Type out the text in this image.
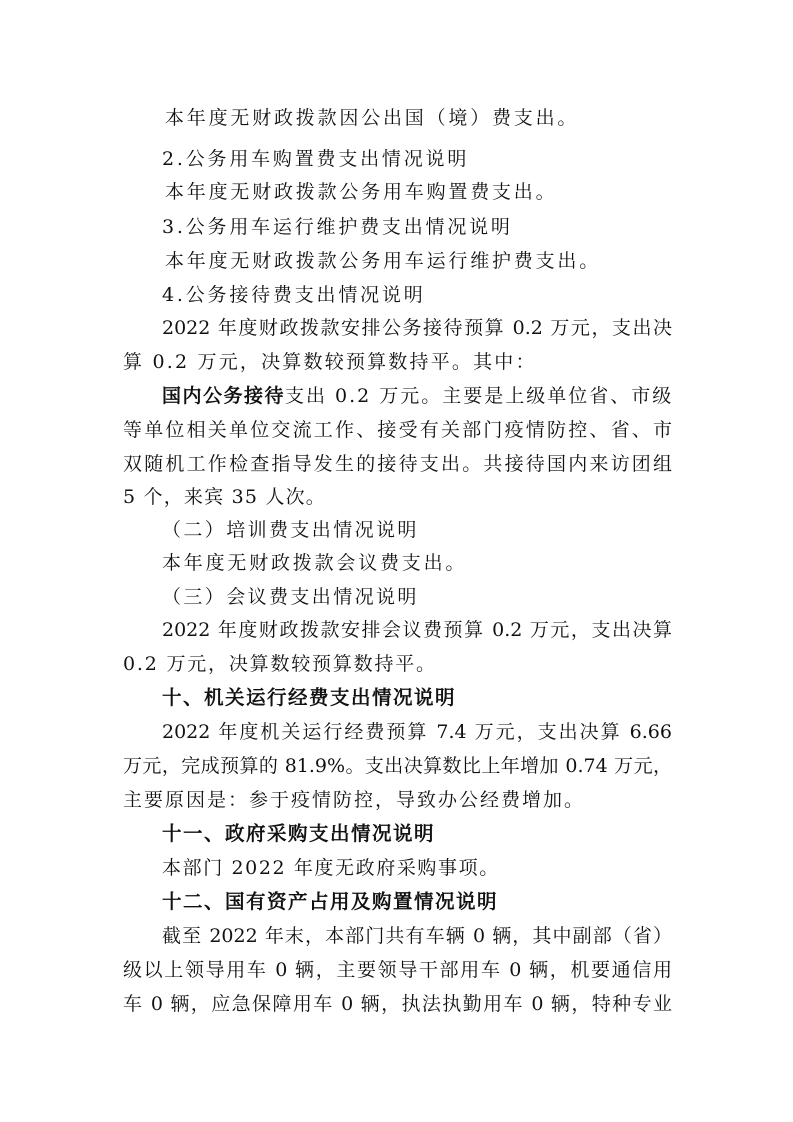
本年度无财政拨款因公出国（境）费支出。

2.公务用车购置费支出情况说明

本年度无财政拨款公务用车购置费支出。

3.公务用车运行维护费支出情况说明

本年度无财政拨款公务用车运行维护费支出。

4.公务接待费支出情况说明

2022 年度财政拨款安排公务接待预算 0.2 万元，支出决

算 0.2 万元，决算数较预算数持平。其中：

国内公务接待支出 0.2 万元。主要是上级单位省、市级

等单位相关单位交流工作、接受有关部门疫情防控、省、市

双随机工作检查指导发生的接待支出。共接待国内来访团组

5 个，来宾 35 人次。

（二）培训费支出情况说明

本年度无财政拨款会议费支出。

（三）会议费支出情况说明

2022 年度财政拨款安排会议费预算 0.2 万元，支出决算

0.2 万元，决算数较预算数持平。

十、机关运行经费支出情况说明

2022 年度机关运行经费预算 7.4 万元，支出决算 6.66

万元，完成预算的 81.9%。支出决算数比上年增加 0.74 万元，

主要原因是：参于疫情防控，导致办公经费增加。

十一、政府采购支出情况说明

本部门 2022 年度无政府采购事项。

十二、国有资产占用及购置情况说明

截至 2022 年末，本部门共有车辆 0 辆，其中副部（省）

级以上领导用车 0 辆，主要领导干部用车 0 辆，机要通信用

车 0 辆，应急保障用车 0 辆，执法执勤用车 0 辆，特种专业
